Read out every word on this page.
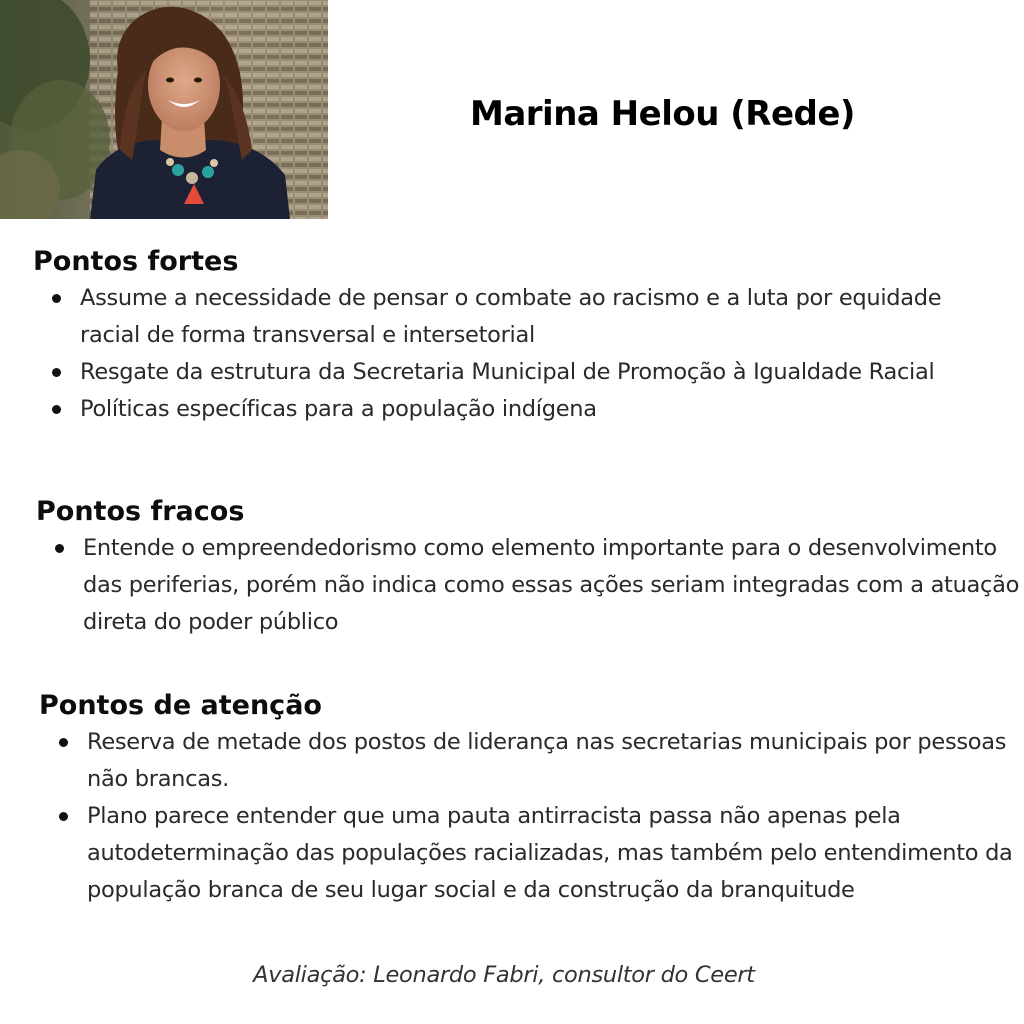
Marina Helou (Rede)
Pontos fortes
Assume a necessidade de pensar o combate ao racismo e a luta por equidade racial de forma transversal e intersetorial
Resgate da estrutura da Secretaria Municipal de Promoção à Igualdade Racial
Políticas específicas para a população indígena
Pontos fracos
Entende o empreendedorismo como elemento importante para o desenvolvimento das periferias, porém não indica como essas ações seriam integradas com a atuação direta do poder público
Pontos de atenção
Reserva de metade dos postos de liderança nas secretarias municipais por pessoas não brancas.
Plano parece entender que uma pauta antirracista passa não apenas pela autodeterminação das populações racializadas, mas também pelo entendimento da população branca de seu lugar social e da construção da branquitude
Avaliação: Leonardo Fabri, consultor do Ceert
